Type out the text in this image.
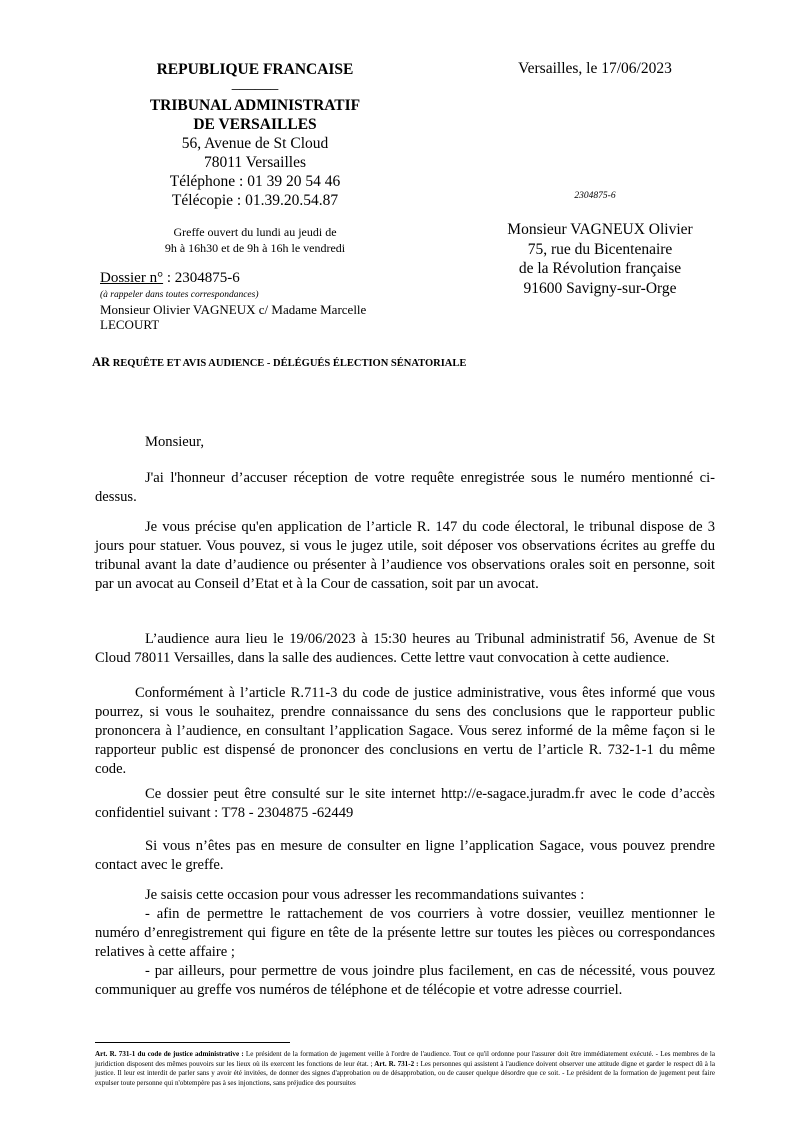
REPUBLIQUE FRANCAISE
______
TRIBUNAL ADMINISTRATIF
DE VERSAILLES
56, Avenue de St Cloud
78011 Versailles
Téléphone : 01 39 20 54 46
Télécopie : 01.39.20.54.87
Greffe ouvert du lundi au jeudi de
9h à 16h30 et de 9h à 16h le vendredi
Dossier n° : 2304875-6
(à rappeler dans toutes correspondances)
Monsieur Olivier VAGNEUX c/ Madame Marcelle
LECOURT
Versailles, le 17/06/2023
2304875-6
Monsieur VAGNEUX Olivier
75, rue du Bicentenaire
de la Révolution française
91600 Savigny-sur-Orge
AR REQUÊTE ET AVIS AUDIENCE - DÉLÉGUÉS ÉLECTION SÉNATORIALE
Monsieur,
J'ai l'honneur d’accuser réception de votre requête enregistrée sous le numéro mentionné ci-dessus.
Je vous précise qu'en application de l’article R. 147 du code électoral, le tribunal dispose de 3 jours pour statuer. Vous pouvez, si vous le jugez utile, soit déposer vos observations écrites au greffe du tribunal avant la date d’audience ou présenter à l’audience vos observations orales soit en personne, soit par un avocat au Conseil d’Etat et à la Cour de cassation, soit par un avocat.
L’audience aura lieu le 19/06/2023 à 15:30 heures au Tribunal administratif 56, Avenue de St Cloud 78011 Versailles, dans la salle des audiences. Cette lettre vaut convocation à cette audience.
Conformément à l’article R.711-3 du code de justice administrative, vous êtes informé que vous pourrez, si vous le souhaitez, prendre connaissance du sens des conclusions que le rapporteur public prononcera à l’audience, en consultant l’application Sagace. Vous serez informé de la même façon si le rapporteur public est dispensé de prononcer des conclusions en vertu de l’article R. 732-1-1 du même code.
Ce dossier peut être consulté sur le site internet http://e-sagace.juradm.fr avec le code d’accès confidentiel suivant : T78 - 2304875 -62449
Si vous n’êtes pas en mesure de consulter en ligne l’application Sagace, vous pouvez prendre contact avec le greffe.
Je saisis cette occasion pour vous adresser les recommandations suivantes :
- afin de permettre le rattachement de vos courriers à votre dossier, veuillez mentionner le numéro d’enregistrement qui figure en tête de la présente lettre sur toutes les pièces ou correspondances relatives à cette affaire ;
- par ailleurs, pour permettre de vous joindre plus facilement, en cas de nécessité, vous pouvez communiquer au greffe vos numéros de téléphone et de télécopie et votre adresse courriel.
Art. R. 731-1 du code de justice administrative : Le président de la formation de jugement veille à l'ordre de l'audience. Tout ce qu'il ordonne pour l'assurer doit être immédiatement exécuté. - Les membres de la juridiction disposent des mêmes pouvoirs sur les lieux où ils exercent les fonctions de leur état. ; Art. R. 731-2 : Les personnes qui assistent à l'audience doivent observer une attitude digne et garder le respect dû à la justice. Il leur est interdit de parler sans y avoir été invitées, de donner des signes d'approbation ou de désapprobation, ou de causer quelque désordre que ce soit. - Le président de la formation de jugement peut faire expulser toute personne qui n'obtempère pas à ses injonctions, sans préjudice des poursuites
